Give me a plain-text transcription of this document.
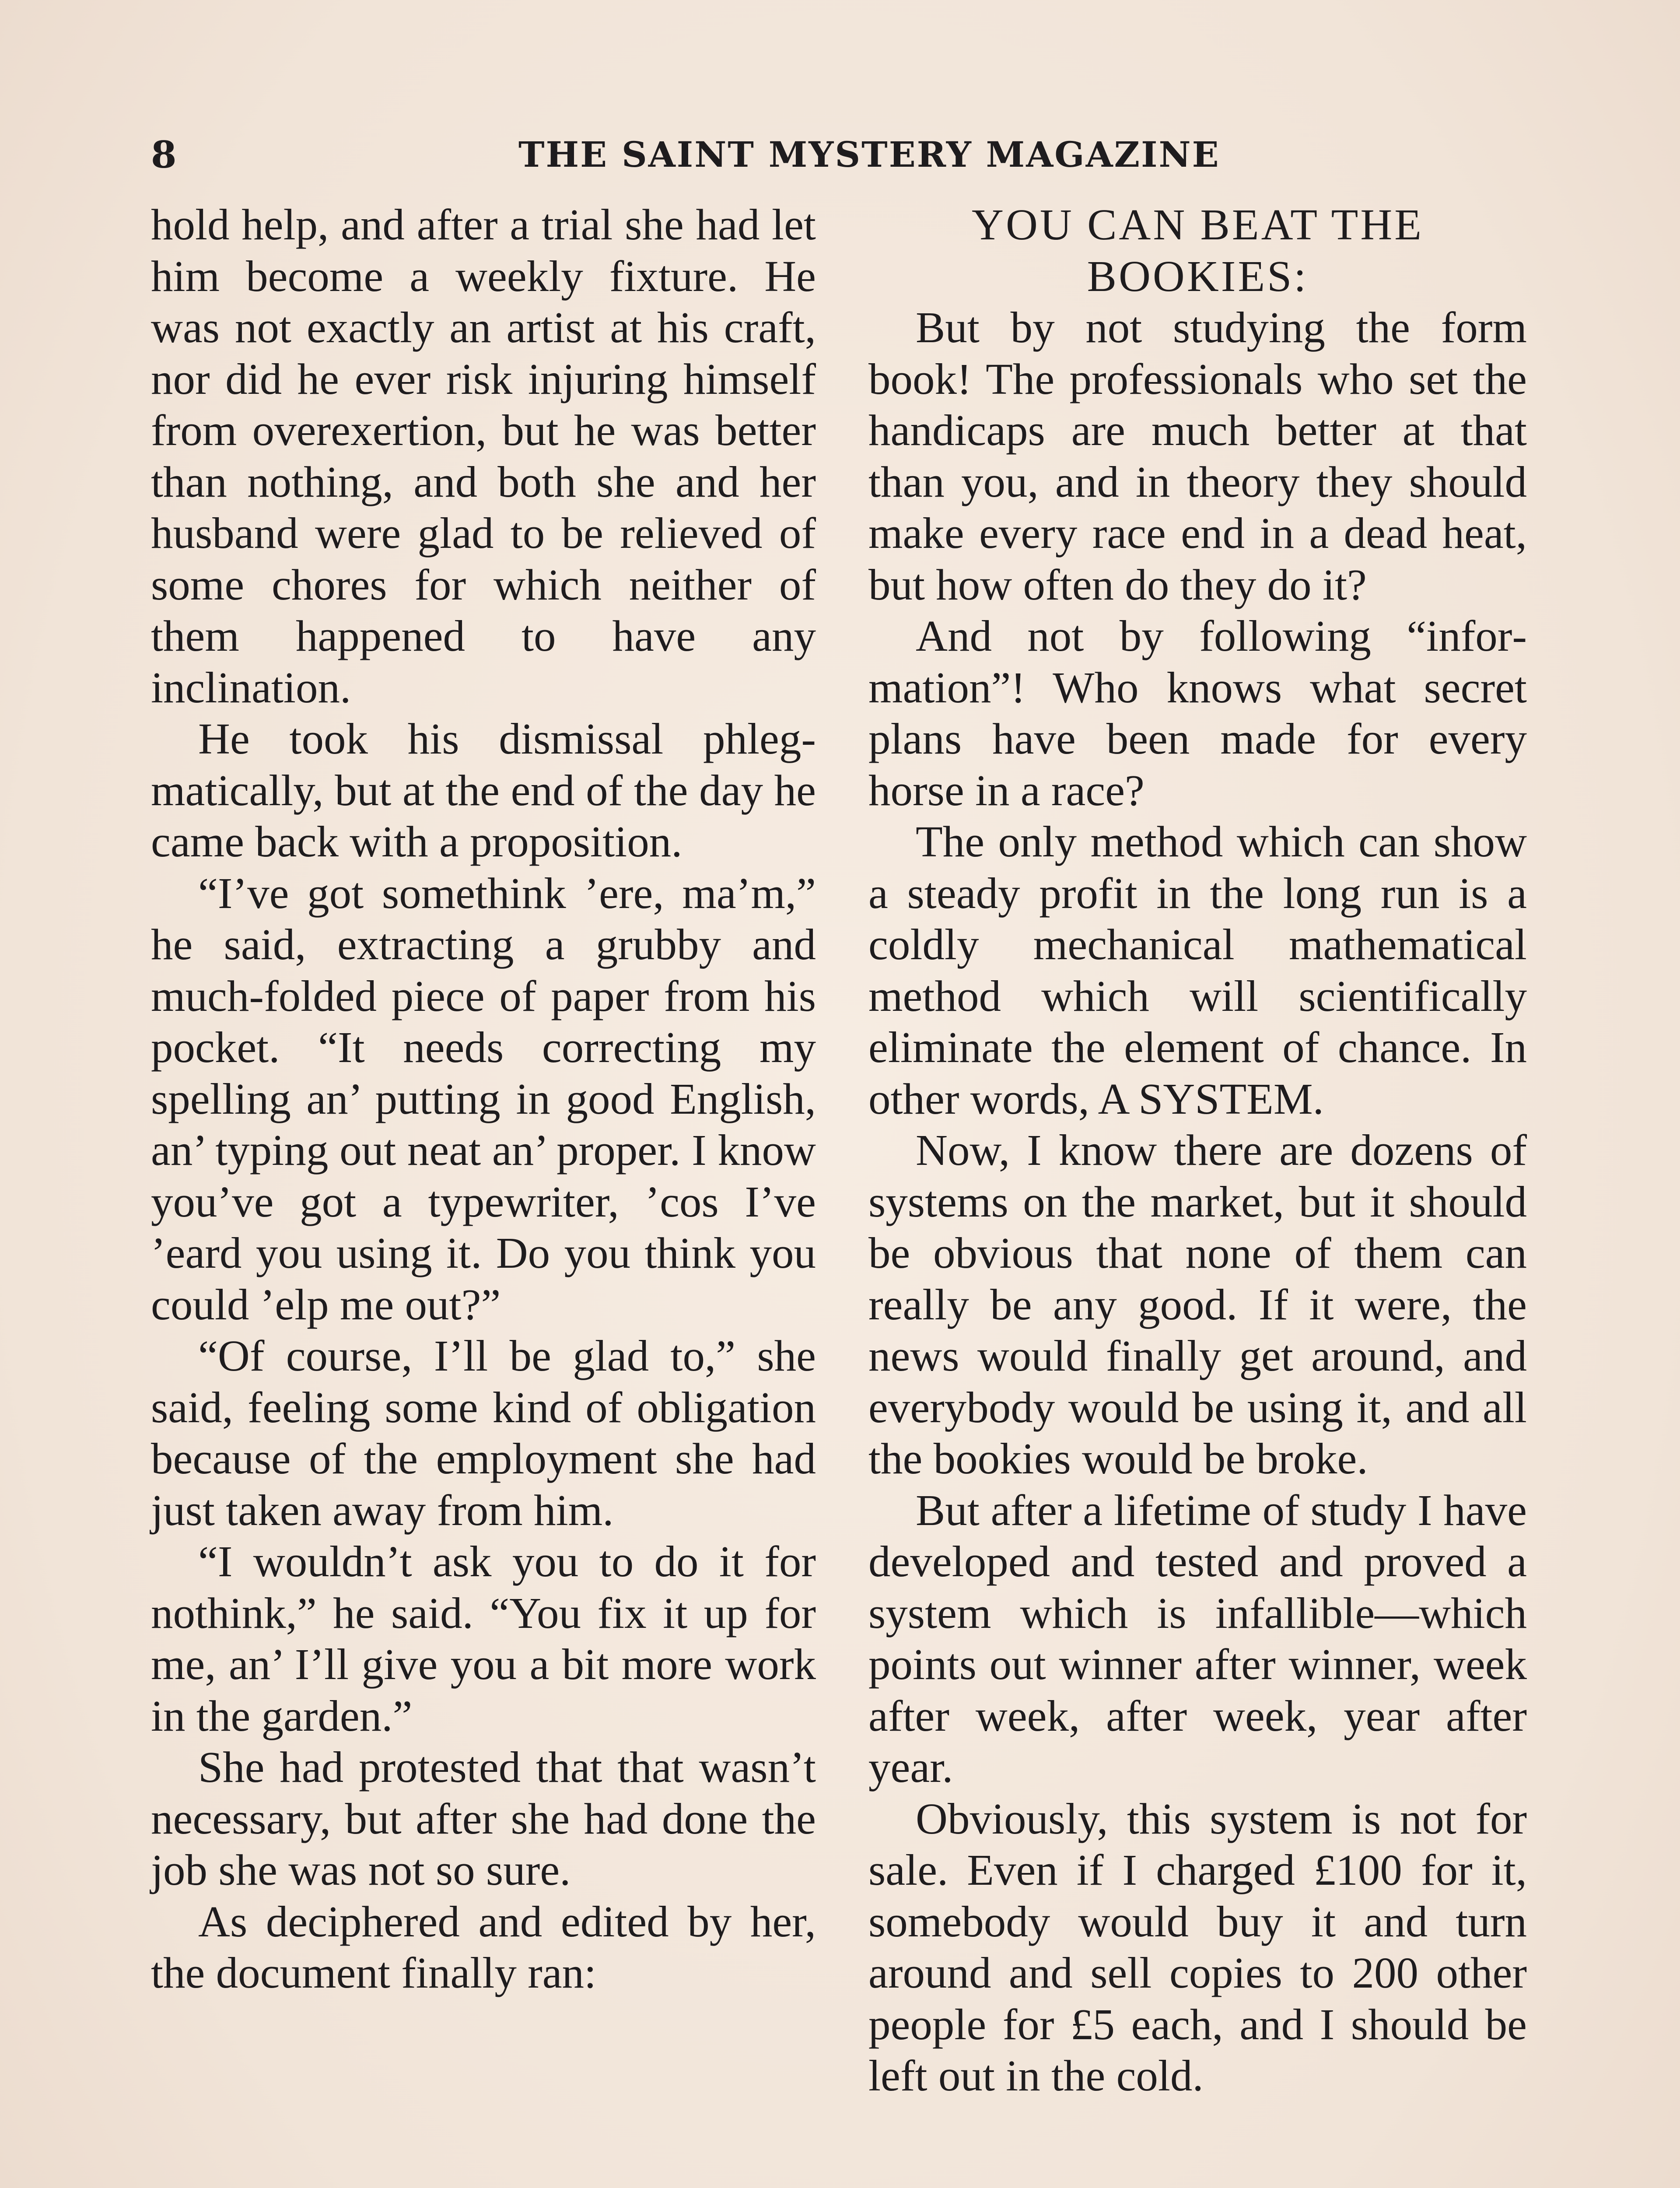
8	THE SAINT MYSTERY MAGAZINE

hold help, and after a trial she had let him become a weekly fixture. He was not exactly an artist at his craft, nor did he ever risk injuring himself from overexertion, but he was better than nothing, and both she and her husband were glad to be relieved of some chores for which neither of them happened to have any inclination.

He took his dismissal phlegmatically, but at the end of the day he came back with a proposition.

“I’ve got somethink ’ere, ma’m,” he said, extracting a grubby and much-folded piece of paper from his pocket. “It needs correcting my spelling an’ putting in good English, an’ typing out neat an’ proper. I know you’ve got a typewriter, ’cos I’ve ’eard you using it. Do you think you could ’elp me out?”

“Of course, I’ll be glad to,” she said, feeling some kind of obligation because of the employment she had just taken away from him.

“I wouldn’t ask you to do it for nothink,” he said. “You fix it up for me, an’ I’ll give you a bit more work in the garden.”

She had protested that that wasn’t necessary, but after she had done the job she was not so sure.

As deciphered and edited by her, the document finally ran:

YOU CAN BEAT THE BOOKIES:

But by not studying the form book! The professionals who set the handicaps are much better at that than you, and in theory they should make every race end in a dead heat, but how often do they do it?

And not by following “information”! Who knows what secret plans have been made for every horse in a race?

The only method which can show a steady profit in the long run is a coldly mechanical mathematical method which will scientifically eliminate the element of chance. In other words, A SYSTEM.

Now, I know there are dozens of systems on the market, but it should be obvious that none of them can really be any good. If it were, the news would finally get around, and everybody would be using it, and all the bookies would be broke.

But after a lifetime of study I have developed and tested and proved a system which is infallible—which points out winner after winner, week after week, after week, year after year.

Obviously, this system is not for sale. Even if I charged £100 for it, somebody would buy it and turn around and sell copies to 200 other people for £5 each, and I should be left out in the cold.
